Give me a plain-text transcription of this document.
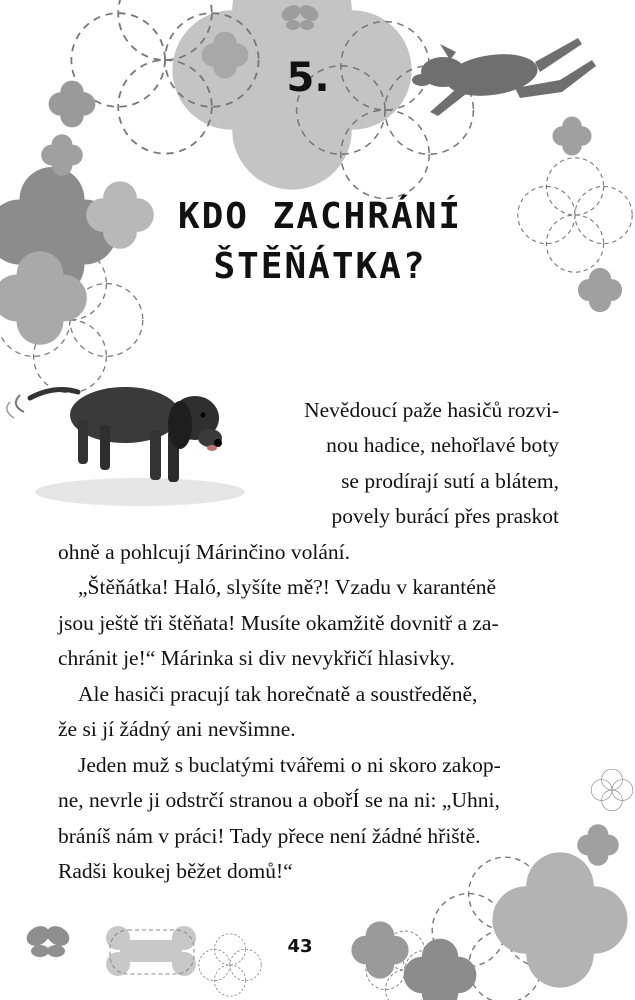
5.
KDO ZACHRÁNÍ
ŠTĚŇÁTKA?

Nevědoucí paže hasičů rozvi-

nou hadice, nehořlavé boty

se prodírají sutí a blátem,

povely burácí přes praskot

ohně a pohlcují Márinčino volání.

„Štěňátka! Haló, slyšíte mě?! Vzadu v karanténě

jsou ještě tři štěňata! Musíte okamžitě dovnitř a za-

chránit je!“ Márinka si div nevykřičí hlasivky.

Ale hasiči pracují tak horečnatě a soustředěně,

že si jí žádný ani nevšimne.

Jeden muž s buclatými tvářemi o ni skoro zakop-

ne, nevrle ji odstrčí stranou a obořÍ se na ni: „Uhni,

bráníš nám v práci! Tady přece není žádné hřiště.

Radši koukej běžet domů!“

43
